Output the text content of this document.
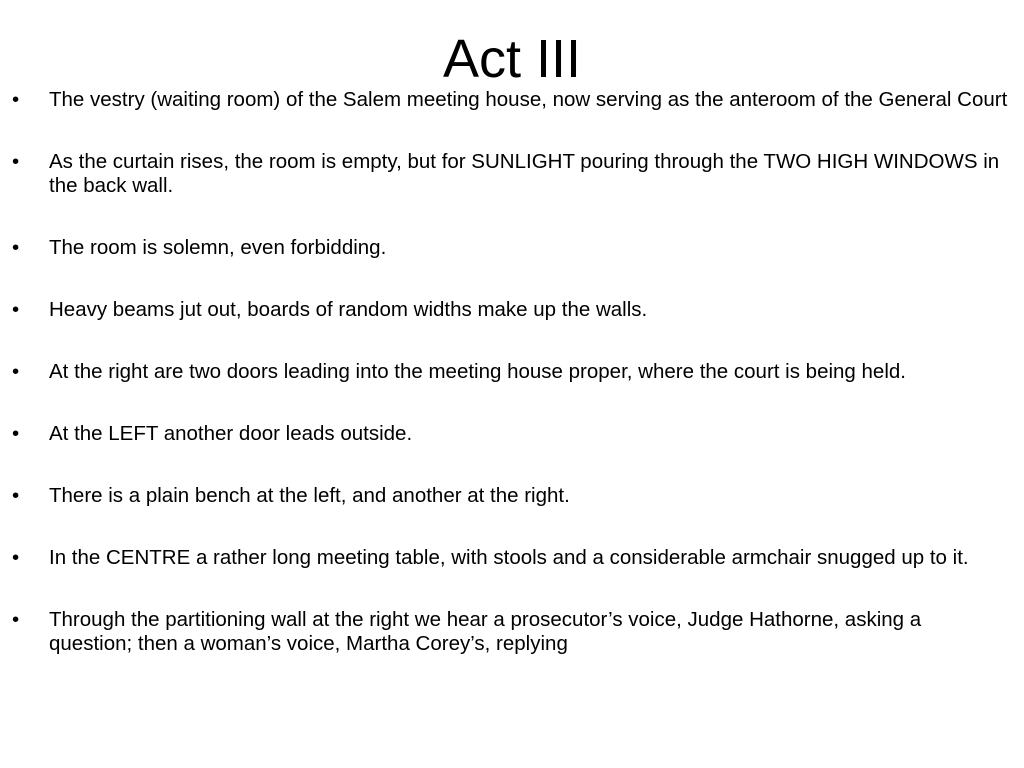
Act III
• The vestry (waiting room) of the Salem meeting house, now serving as the anteroom of the General Court
• As the curtain rises, the room is empty, but for SUNLIGHT pouring through the TWO HIGH WINDOWS in the back wall.
• The room is solemn, even forbidding.
• Heavy beams jut out, boards of random widths make up the walls.
• At the right are two doors leading into the meeting house proper, where the court is being held.
• At the LEFT another door leads outside.
• There is a plain bench at the left, and another at the right.
• In the CENTRE a rather long meeting table, with stools and a considerable armchair snugged up to it.
• Through the partitioning wall at the right we hear a prosecutor’s voice, Judge Hathorne, asking a question; then a woman’s voice, Martha Corey’s, replying
